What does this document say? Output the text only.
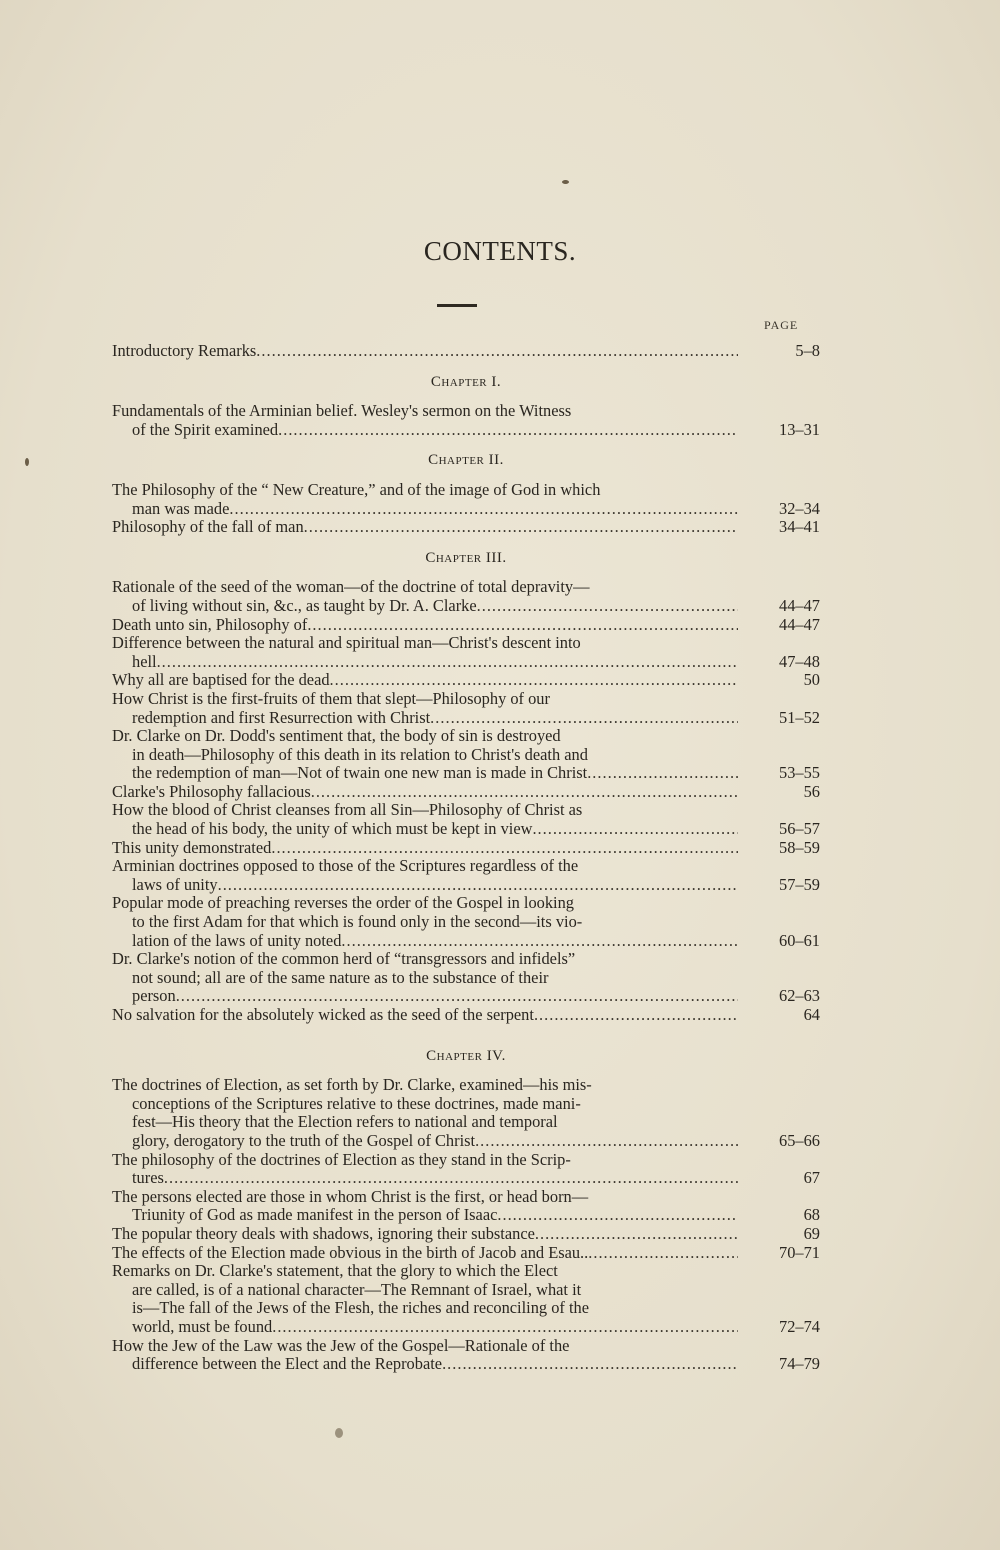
CONTENTS.
PAGE
Introductory Remarks .....	5–8
Chapter I.
Fundamentals of the Arminian belief. Wesley's sermon on the Witness
of the Spirit examined .....	13–31
Chapter II.
The Philosophy of the “ New Creature,” and of the image of God in which
man was made .....	32–34
Philosophy of the fall of man .....	34–41
Chapter III.
Rationale of the seed of the woman—of the doctrine of total depravity—
of living without sin, &c., as taught by Dr. A. Clarke .....	44–47
Death unto sin, Philosophy of .....	44–47
Difference between the natural and spiritual man—Christ's descent into
hell .....	47–48
Why all are baptised for the dead .....	50
How Christ is the first-fruits of them that slept—Philosophy of our
redemption and first Resurrection with Christ .....	51–52
Dr. Clarke on Dr. Dodd's sentiment that, the body of sin is destroyed
in death—Philosophy of this death in its relation to Christ's death and
the redemption of man—Not of twain one new man is made in Christ .....	53–55
Clarke's Philosophy fallacious .....	56
How the blood of Christ cleanses from all Sin—Philosophy of Christ as
the head of his body, the unity of which must be kept in view .....	56–57
This unity demonstrated .....	58–59
Arminian doctrines opposed to those of the Scriptures regardless of the
laws of unity .....	57–59
Popular mode of preaching reverses the order of the Gospel in looking
to the first Adam for that which is found only in the second—its vio-
lation of the laws of unity noted .....	60–61
Dr. Clarke's notion of the common herd of “transgressors and infidels”
not sound; all are of the same nature as to the substance of their
person .....	62–63
No salvation for the absolutely wicked as the seed of the serpent .....	64
Chapter IV.
The doctrines of Election, as set forth by Dr. Clarke, examined—his mis-
conceptions of the Scriptures relative to these doctrines, made mani-
fest—His theory that the Election refers to national and temporal
glory, derogatory to the truth of the Gospel of Christ .....	65–66
The philosophy of the doctrines of Election as they stand in the Scrip-
tures .....	67
The persons elected are those in whom Christ is the first, or head born—
Triunity of God as made manifest in the person of Isaac .....	68
The popular theory deals with shadows, ignoring their substance .....	69
The effects of the Election made obvious in the birth of Jacob and Esau.. .....	70–71
Remarks on Dr. Clarke's statement, that the glory to which the Elect
are called, is of a national character—The Remnant of Israel, what it
is—The fall of the Jews of the Flesh, the riches and reconciling of the
world, must be found .....	72–74
How the Jew of the Law was the Jew of the Gospel—Rationale of the
difference between the Elect and the Reprobate .....	74–79
